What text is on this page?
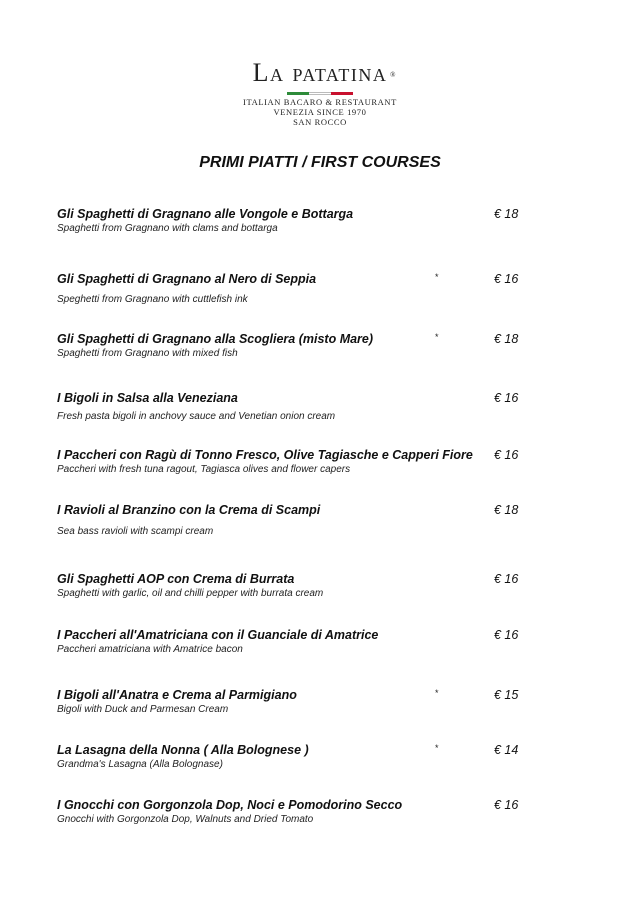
La patatina ®
ITALIAN BACARO & RESTAURANT
VENEZIA SINCE 1970
SAN ROCCO
PRIMI PIATTI / FIRST COURSES
Gli Spaghetti di Gragnano alle Vongole e Bottarga
Spaghetti from Gragnano with clams and bottarga
€ 18
Gli Spaghetti di Gragnano al Nero di Seppia
Speghetti from Gragnano with cuttlefish ink
*	€ 16
Gli Spaghetti di Gragnano alla Scogliera (misto Mare)
Spaghetti from Gragnano with mixed fish
*	€ 18
I Bigoli in Salsa alla Veneziana
Fresh pasta bigoli in anchovy sauce and Venetian onion cream
€ 16
I Paccheri con Ragù di Tonno Fresco, Olive Tagiasche e Capperi Fiore
Paccheri with fresh tuna ragout, Tagiasca olives and flower capers
€ 16
I Ravioli al Branzino con la Crema di Scampi
Sea bass ravioli with scampi cream
€ 18
Gli Spaghetti AOP con Crema di Burrata
Spaghetti with garlic, oil and chilli pepper with burrata cream
€ 16
I Paccheri all'Amatriciana con il Guanciale di Amatrice
Paccheri amatriciana with Amatrice bacon
€ 16
I Bigoli all'Anatra e Crema al Parmigiano
Bigoli with Duck and Parmesan Cream
*	€ 15
La Lasagna della Nonna ( Alla Bolognese )
Grandma's Lasagna (Alla Bolognase)
*	€ 14
I Gnocchi con Gorgonzola Dop, Noci e Pomodorino Secco
Gnocchi with Gorgonzola Dop, Walnuts and Dried Tomato
€ 16
